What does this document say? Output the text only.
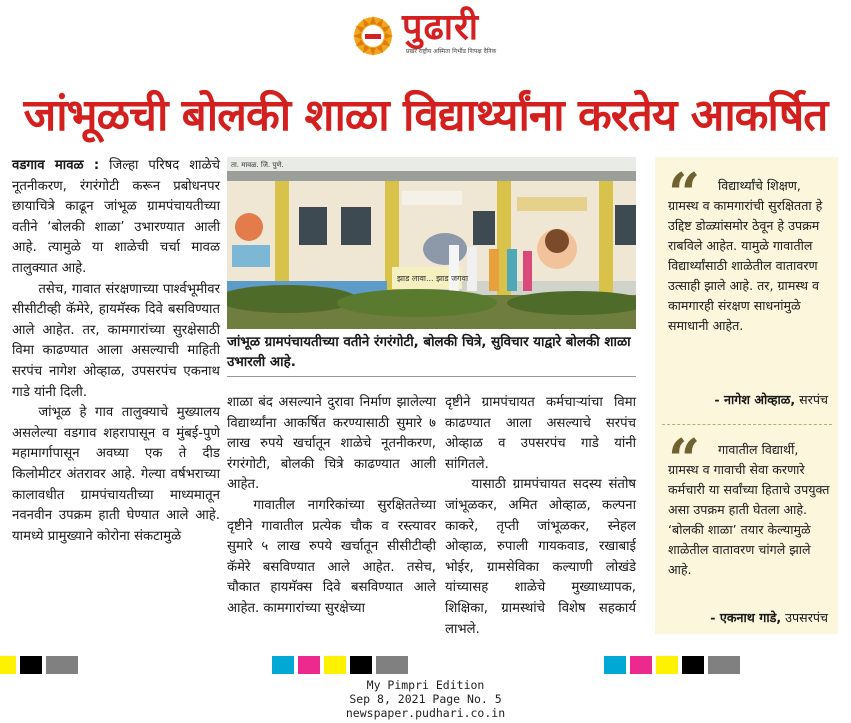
पुढारी
प्रखर राष्ट्रीय अस्मिता निर्भीड निःपक्ष दैनिक
जांभूळची बोलकी शाळा विद्यार्थ्यांना करतेय आकर्षित

वडगाव मावळ : जिल्हा परिषद शाळेचे नूतनीकरण, रंगरंगोटी करून प्रबोधनपर छायाचित्रे काढून जांभूळ ग्रामपंचायतीच्या वतीने ‘बोलकी शाळा’ उभारण्यात आली आहे. त्यामुळे या शाळेची चर्चा मावळ तालुक्यात आहे.

तसेच, गावात संरक्षणाच्या पार्श्वभूमीवर सीसीटीव्ही कॅमेरे, हायमॅस्क दिवे बसविण्यात आले आहेत. तर, कामगारांच्या सुरक्षेसाठी विमा काढण्यात आला असल्याची माहिती सरपंच नागेश ओव्हाळ, उपसरपंच एकनाथ गाडे यांनी दिली.

जांभूळ हे गाव तालुक्याचे मुख्यालय असलेल्या वडगाव शहरापासून व मुंबई-पुणे महामार्गापासून अवघ्या एक ते दीड किलोमीटर अंतरावर आहे. गेल्या वर्षभराच्या कालावधीत ग्रामपंचायतीच्या माध्यमातून नवनवीन उपक्रम हाती घेण्यात आले आहे. यामध्ये प्रामुख्याने कोरोना संकटामुळे

ता. मावळ. जि. पुणे.
झाड लावा... झाड जगवा
जांभूळ ग्रामपंचायतीच्या वतीने रंगरंगोटी, बोलकी चित्रे, सुविचार याद्वारे बोलकी शाळा उभारली आहे.

शाळा बंद असल्याने दुरावा निर्माण झालेल्या विद्यार्थ्यांना आकर्षित करण्यासाठी सुमारे ७ लाख रुपये खर्चातून शाळेचे नूतनीकरण, रंगरंगोटी, बोलकी चित्रे काढण्यात आली आहेत.

गावातील नागरिकांच्या सुरक्षिततेच्या दृष्टीने गावातील प्रत्येक चौक व रस्त्यावर सुमारे ५ लाख रुपये खर्चातून सीसीटीव्ही कॅमेरे बसविण्यात आले आहेत. तसेच, चौकात हायमॅक्स दिवे बसविण्यात आले आहेत. कामगारांच्या सुरक्षेच्या

दृष्टीने ग्रामपंचायत कर्मचाऱ्यांचा विमा काढण्यात आला असल्याचे सरपंच ओव्हाळ व उपसरपंच गाडे यांनी सांगितले.

यासाठी ग्रामपंचायत सदस्य संतोष जांभूळकर, अमित ओव्हाळ, कल्पना काकरे, तृप्ती जांभूळकर, स्नेहल ओव्हाळ, रुपाली गायकवाड, रखाबाई भोईर, ग्रामसेविका कल्याणी लोखंडे यांच्यासह शाळेचे मुख्याध्यापक, शिक्षिका, ग्रामस्थांचे विशेष सहकार्य लाभले.

“	विद्यार्थ्यांचे शिक्षण, ग्रामस्थ व कामगारांची सुरक्षितता हे उद्दिष्ट डोळ्यांसमोर ठेवून हे उपक्रम राबविले आहेत. यामुळे गावातील विद्यार्थ्यांसाठी शाळेतील वातावरण उत्साही झाले आहे. तर, ग्रामस्थ व कामगारही संरक्षण साधनांमुळे समाधानी आहेत.
- नागेश ओव्हाळ, सरपंच
“	गावातील विद्यार्थी, ग्रामस्थ व गावाची सेवा करणारे कर्मचारी या सर्वांच्या हिताचे उपयुक्त असा उपक्रम हाती घेतला आहे. ‘बोलकी शाळा’ तयार केल्यामुळे शाळेतील वातावरण चांगले झाले आहे.
- एकनाथ गाडे, उपसरपंच
My Pimpri Edition
Sep 8, 2021 Page No. 5
newspaper.pudhari.co.in
